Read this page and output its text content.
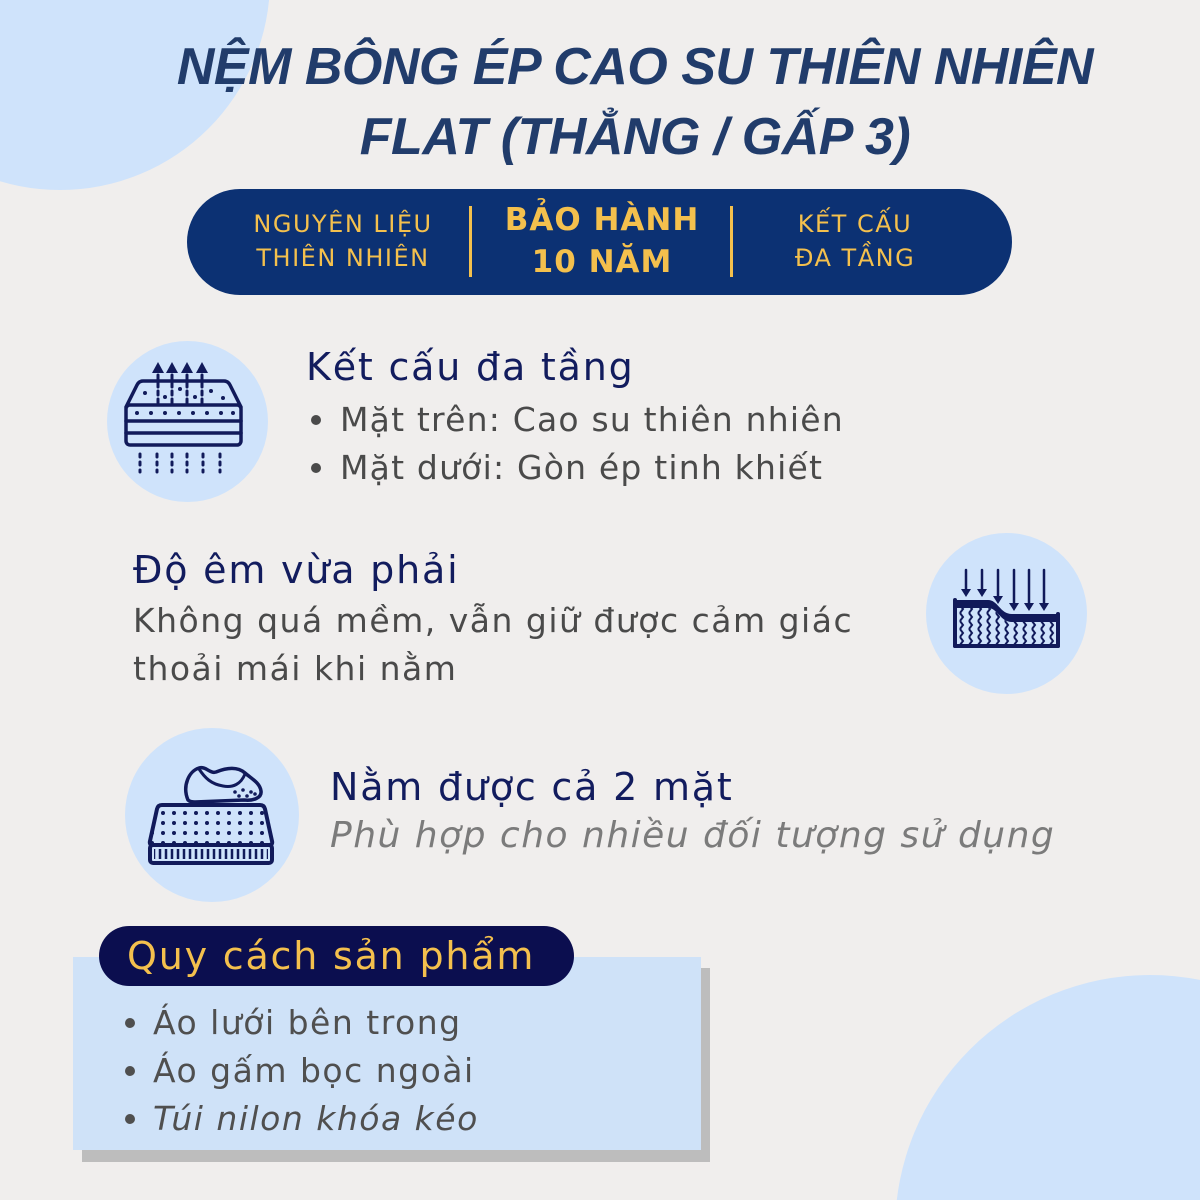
NỆM BÔNG ÉP CAO SU THIÊN NHIÊN
FLAT (THẲNG / GẤP 3)
NGUYÊN LIỆU
THIÊN NHIÊN
BẢO HÀNH
10 NĂM
KẾT CẤU
ĐA TẦNG
Kết cấu đa tầng
Mặt trên: Cao su thiên nhiên
Mặt dưới: Gòn ép tinh khiết
Độ êm vừa phải
Không quá mềm, vẫn giữ được cảm giác
thoải mái khi nằm
Nằm được cả 2 mặt
Phù hợp cho nhiều đối tượng sử dụng
Quy cách sản phẩm
Áo lưới bên trong
Áo gấm bọc ngoài
Túi nilon khóa kéo
